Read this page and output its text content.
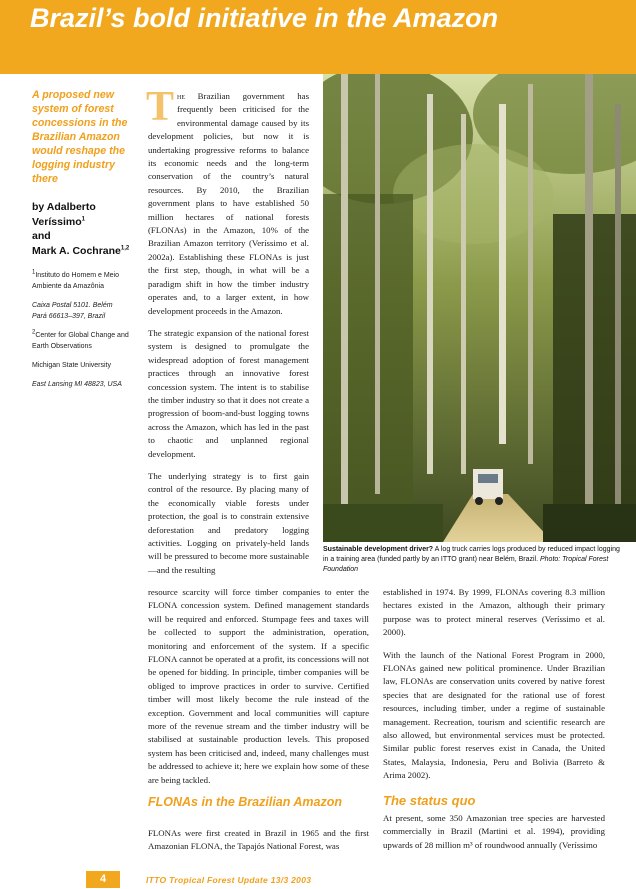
Brazil’s bold initiative in the Amazon
A proposed new system of forest concessions in the Brazilian Amazon would reshape the logging industry there
by Adalberto
Veríssimo$^1$
and
Mark A. Cochrane$^{1,2}$
$^1$Instituto do Homem e Meio Ambiente da Amazônia
Caixa Postal 5101. Belém
Pará 66613–397, Brazil
$^2$Center for Global Change and Earth Observations
Michigan State University
East Lansing MI 48823, USA

The Brazilian government has frequently been criticised for the environmental damage caused by its development policies, but now it is undertaking progressive reforms to balance its economic needs and the long-term conservation of the country’s natural resources. By 2010, the Brazilian government plans to have established 50 million hectares of national forests (FLONAs) in the Amazon, 10% of the Brazilian Amazon territory (Veríssimo et al. 2002a). Establishing these FLONAs is just the first step, though, in what will be a paradigm shift in how the timber industry operates and, to a larger extent, in how development proceeds in the Amazon.

The strategic expansion of the national forest system is designed to promulgate the widespread adoption of forest management practices through an innovative forest concession system. The intent is to stabilise the timber industry so that it does not create a progression of boom-and-bust logging towns across the Amazon, which has led in the past to chaotic and unplanned regional development.

The underlying strategy is to first gain control of the resource. By placing many of the economically viable forests under protection, the goal is to constrain extensive deforestation and predatory logging activities. Logging on privately-held lands will be pressured to become more sustainable—and the resulting

Sustainable development driver? A log truck carries logs produced by reduced impact logging in a training area (funded partly by an ITTO grant) near Belém, Brazil. Photo: Tropical Forest Foundation

resource scarcity will force timber companies to enter the FLONA concession system. Defined management standards will be required and enforced. Stumpage fees and taxes will be collected to support the administration, operation, monitoring and enforcement of the system. If a specific FLONA cannot be operated at a profit, its concessions will not be opened for bidding. In principle, timber companies will be obliged to improve practices in order to survive. Certified timber will most likely become the rule instead of the exception. Government and local communities will capture more of the revenue stream and the timber industry will be stabilised at sustainable production levels. This proposed system has been criticised and, indeed, many challenges must be addressed to achieve it; here we explain how some of these are being tackled.

established in 1974. By 1999, FLONAs covering 8.3 million hectares existed in the Amazon, although their primary purpose was to protect mineral reserves (Veríssimo et al. 2000).

With the launch of the National Forest Program in 2000, FLONAs gained new political prominence. Under Brazilian law, FLONAs are conservation units covered by native forest species that are designated for the rational use of forest resources, including timber, under a regime of sustainable management. Recreation, tourism and scientific research are also allowed, but environmental services must be protected. Similar public forest reserves exist in Canada, the United States, Malaysia, Indonesia, Peru and Bolivia (Barreto & Arima 2002).

FLONAs in the Brazilian Amazon

FLONAs were first created in Brazil in 1965 and the first Amazonian FLONA, the Tapajós National Forest, was

The status quo

At present, some 350 Amazonian tree species are harvested commercially in Brazil (Martini et al. 1994), providing upwards of 28 million m³ of roundwood annually (Veríssimo

4	ITTO Tropical Forest Update 13/3 2003
